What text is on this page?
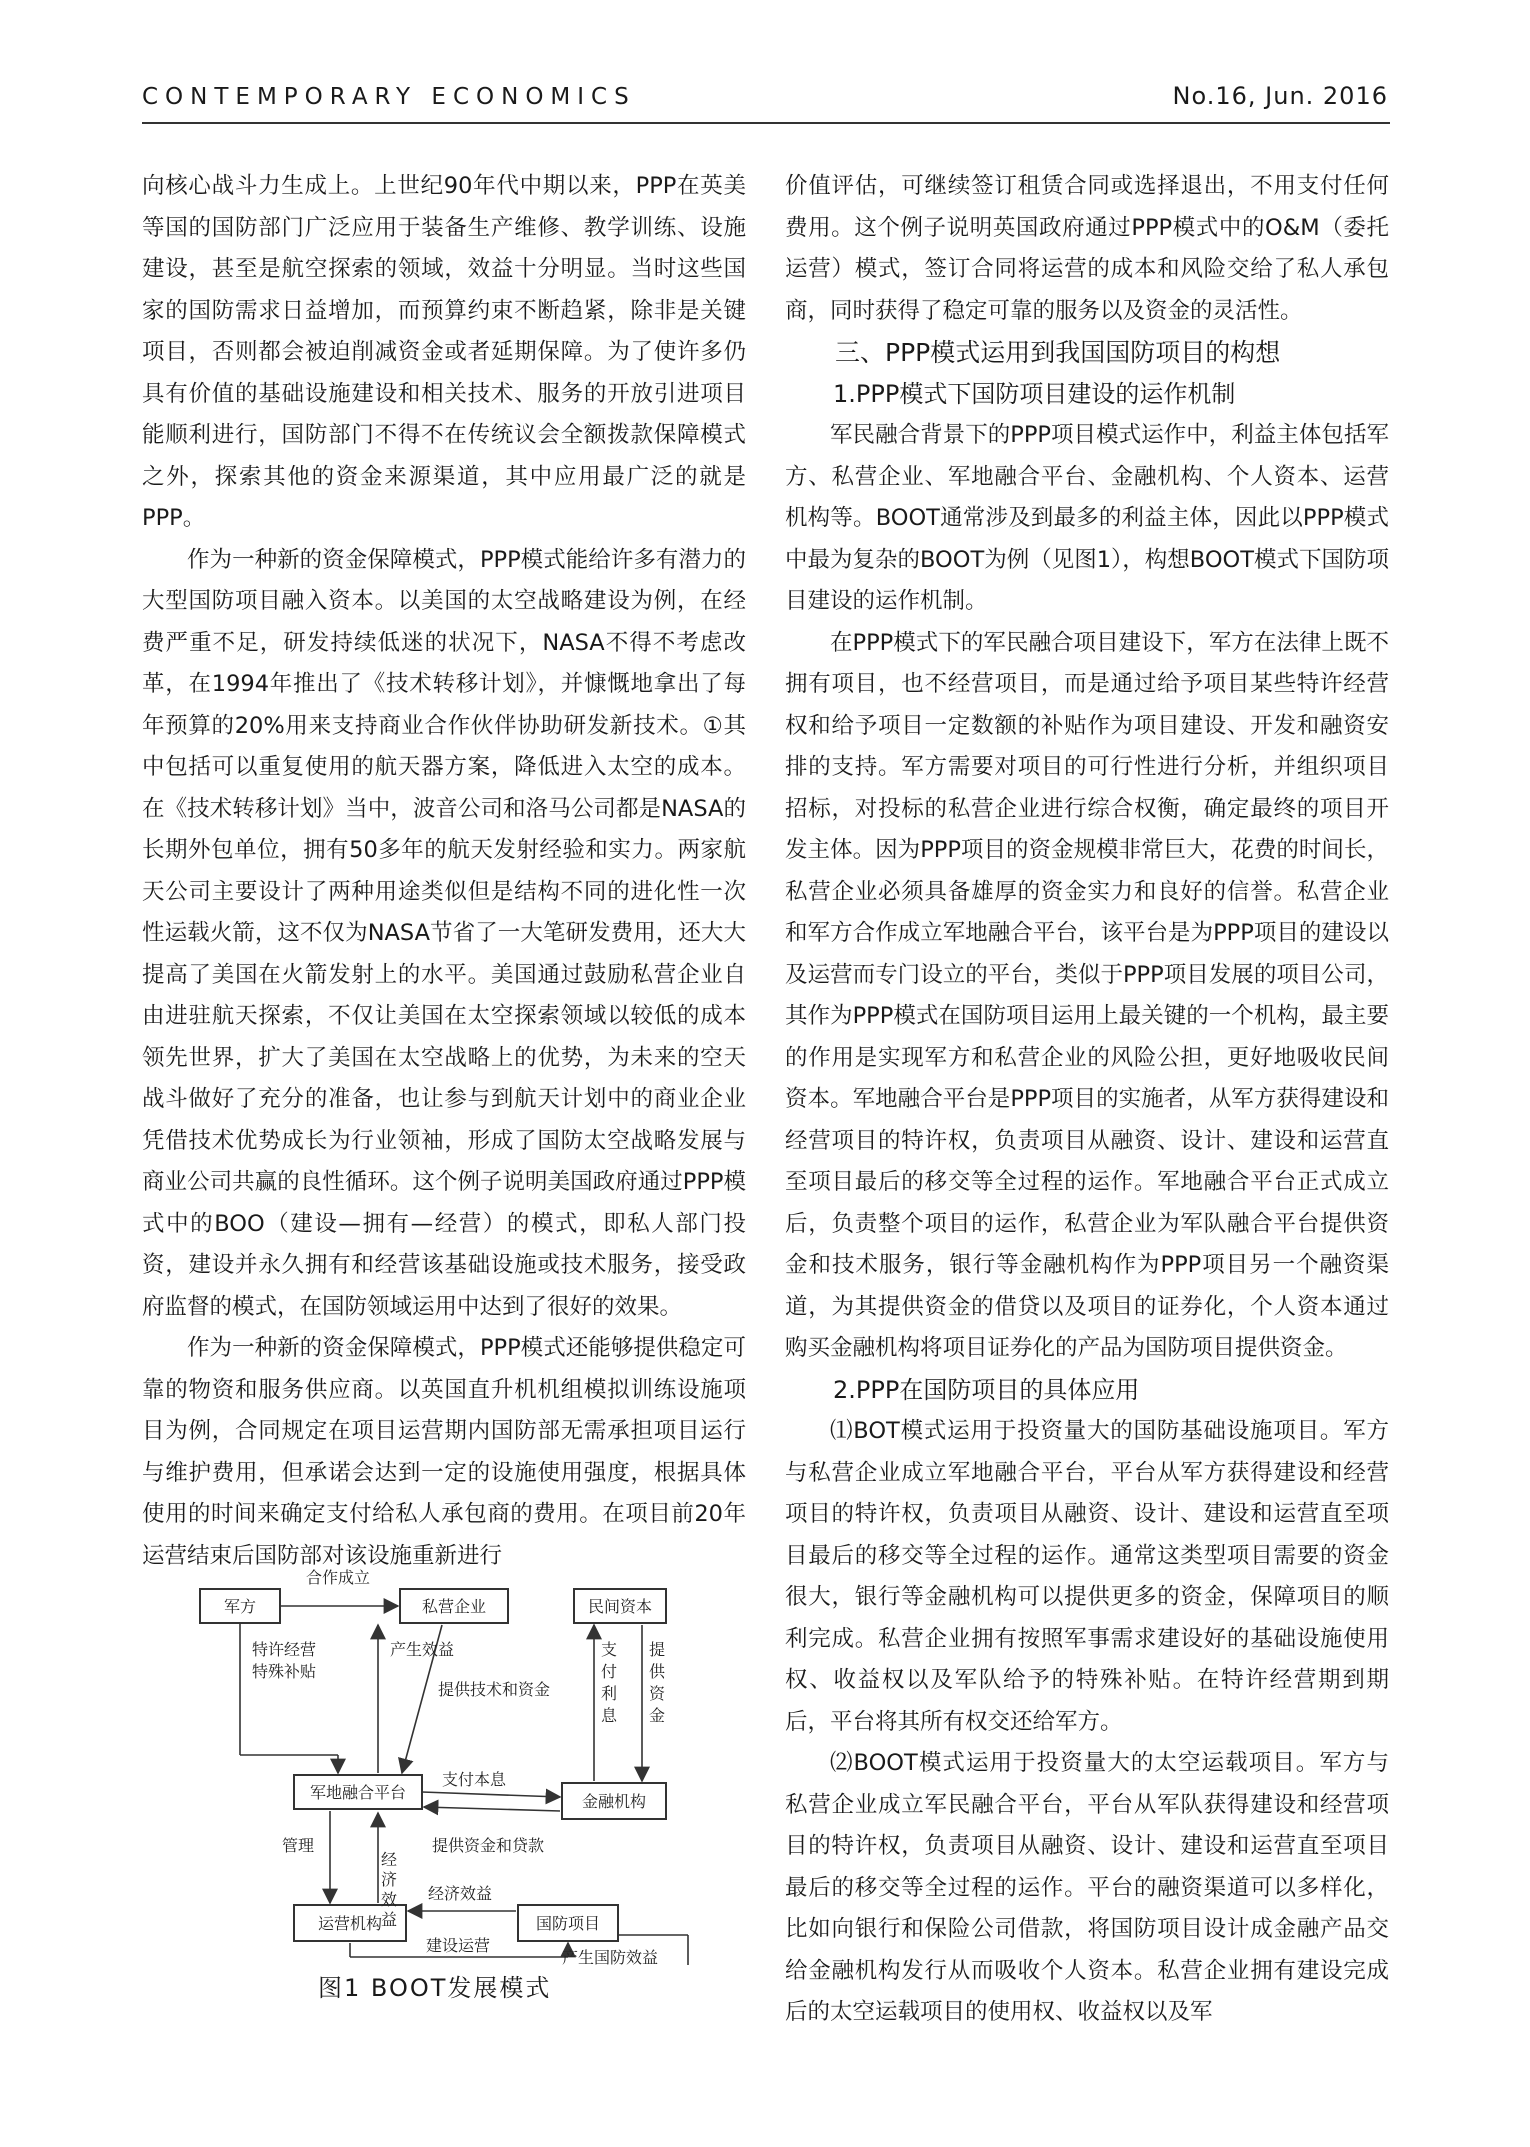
CONTEMPORARY ECONOMICS	No.16, Jun. 2016

向核心战斗力生成上。上世纪90年代中期以来，PPP在英美等国的国防部门广泛应用于装备生产维修、教学训练、设施建设，甚至是航空探索的领域，效益十分明显。当时这些国家的国防需求日益增加，而预算约束不断趋紧，除非是关键项目，否则都会被迫削减资金或者延期保障。为了使许多仍具有价值的基础设施建设和相关技术、服务的开放引进项目能顺利进行，国防部门不得不在传统议会全额拨款保障模式之外，探索其他的资金来源渠道，其中应用最广泛的就是PPP。

作为一种新的资金保障模式，PPP模式能给许多有潜力的大型国防项目融入资本。以美国的太空战略建设为例，在经费严重不足，研发持续低迷的状况下，NASA不得不考虑改革，在1994年推出了《技术转移计划》，并慷慨地拿出了每年预算的20%用来支持商业合作伙伴协助研发新技术。①其中包括可以重复使用的航天器方案，降低进入太空的成本。在《技术转移计划》当中，波音公司和洛马公司都是NASA的长期外包单位，拥有50多年的航天发射经验和实力。两家航天公司主要设计了两种用途类似但是结构不同的进化性一次性运载火箭，这不仅为NASA节省了一大笔研发费用，还大大提高了美国在火箭发射上的水平。美国通过鼓励私营企业自由进驻航天探索，不仅让美国在太空探索领域以较低的成本领先世界，扩大了美国在太空战略上的优势，为未来的空天战斗做好了充分的准备，也让参与到航天计划中的商业企业凭借技术优势成长为行业领袖，形成了国防太空战略发展与商业公司共赢的良性循环。这个例子说明美国政府通过PPP模式中的BOO（建设—拥有—经营）的模式，即私人部门投资，建设并永久拥有和经营该基础设施或技术服务，接受政府监督的模式，在国防领域运用中达到了很好的效果。

作为一种新的资金保障模式，PPP模式还能够提供稳定可靠的物资和服务供应商。以英国直升机机组模拟训练设施项目为例，合同规定在项目运营期内国防部无需承担项目运行与维护费用，但承诺会达到一定的设施使用强度，根据具体使用的时间来确定支付给私人承包商的费用。在项目前20年运营结束后国防部对该设施重新进行

军方	私营企业	民间资本
军地融合平台	金融机构
运营机构	国防项目
合作成立
特许经营
特殊补贴
产生效益
提供技术和资金	支付利息 提供资金
支付本息
管理
经济效益
提供资金和贷款
经济效益
建设运营
产生国防效益
图1 BOOT发展模式

价值评估，可继续签订租赁合同或选择退出，不用支付任何费用。这个例子说明英国政府通过PPP模式中的O&M（委托运营）模式，签订合同将运营的成本和风险交给了私人承包商，同时获得了稳定可靠的服务以及资金的灵活性。

三、PPP模式运用到我国国防项目的构想

1.PPP模式下国防项目建设的运作机制

军民融合背景下的PPP项目模式运作中，利益主体包括军方、私营企业、军地融合平台、金融机构、个人资本、运营机构等。BOOT通常涉及到最多的利益主体，因此以PPP模式中最为复杂的BOOT为例（见图1），构想BOOT模式下国防项目建设的运作机制。

在PPP模式下的军民融合项目建设下，军方在法律上既不拥有项目，也不经营项目，而是通过给予项目某些特许经营权和给予项目一定数额的补贴作为项目建设、开发和融资安排的支持。军方需要对项目的可行性进行分析，并组织项目招标，对投标的私营企业进行综合权衡，确定最终的项目开发主体。因为PPP项目的资金规模非常巨大，花费的时间长，私营企业必须具备雄厚的资金实力和良好的信誉。私营企业和军方合作成立军地融合平台，该平台是为PPP项目的建设以及运营而专门设立的平台，类似于PPP项目发展的项目公司，其作为PPP模式在国防项目运用上最关键的一个机构，最主要的作用是实现军方和私营企业的风险公担，更好地吸收民间资本。军地融合平台是PPP项目的实施者，从军方获得建设和经营项目的特许权，负责项目从融资、设计、建设和运营直至项目最后的移交等全过程的运作。军地融合平台正式成立后，负责整个项目的运作，私营企业为军队融合平台提供资金和技术服务，银行等金融机构作为PPP项目另一个融资渠道，为其提供资金的借贷以及项目的证券化，个人资本通过购买金融机构将项目证券化的产品为国防项目提供资金。

2.PPP在国防项目的具体应用

⑴BOT模式运用于投资量大的国防基础设施项目。军方与私营企业成立军地融合平台，平台从军方获得建设和经营项目的特许权，负责项目从融资、设计、建设和运营直至项目最后的移交等全过程的运作。通常这类型项目需要的资金很大，银行等金融机构可以提供更多的资金，保障项目的顺利完成。私营企业拥有按照军事需求建设好的基础设施使用权、收益权以及军队给予的特殊补贴。在特许经营期到期后，平台将其所有权交还给军方。

⑵BOOT模式运用于投资量大的太空运载项目。军方与私营企业成立军民融合平台，平台从军队获得建设和经营项目的特许权，负责项目从融资、设计、建设和运营直至项目最后的移交等全过程的运作。平台的融资渠道可以多样化，比如向银行和保险公司借款，将国防项目设计成金融产品交给金融机构发行从而吸收个人资本。私营企业拥有建设完成后的太空运载项目的使用权、收益权以及军
